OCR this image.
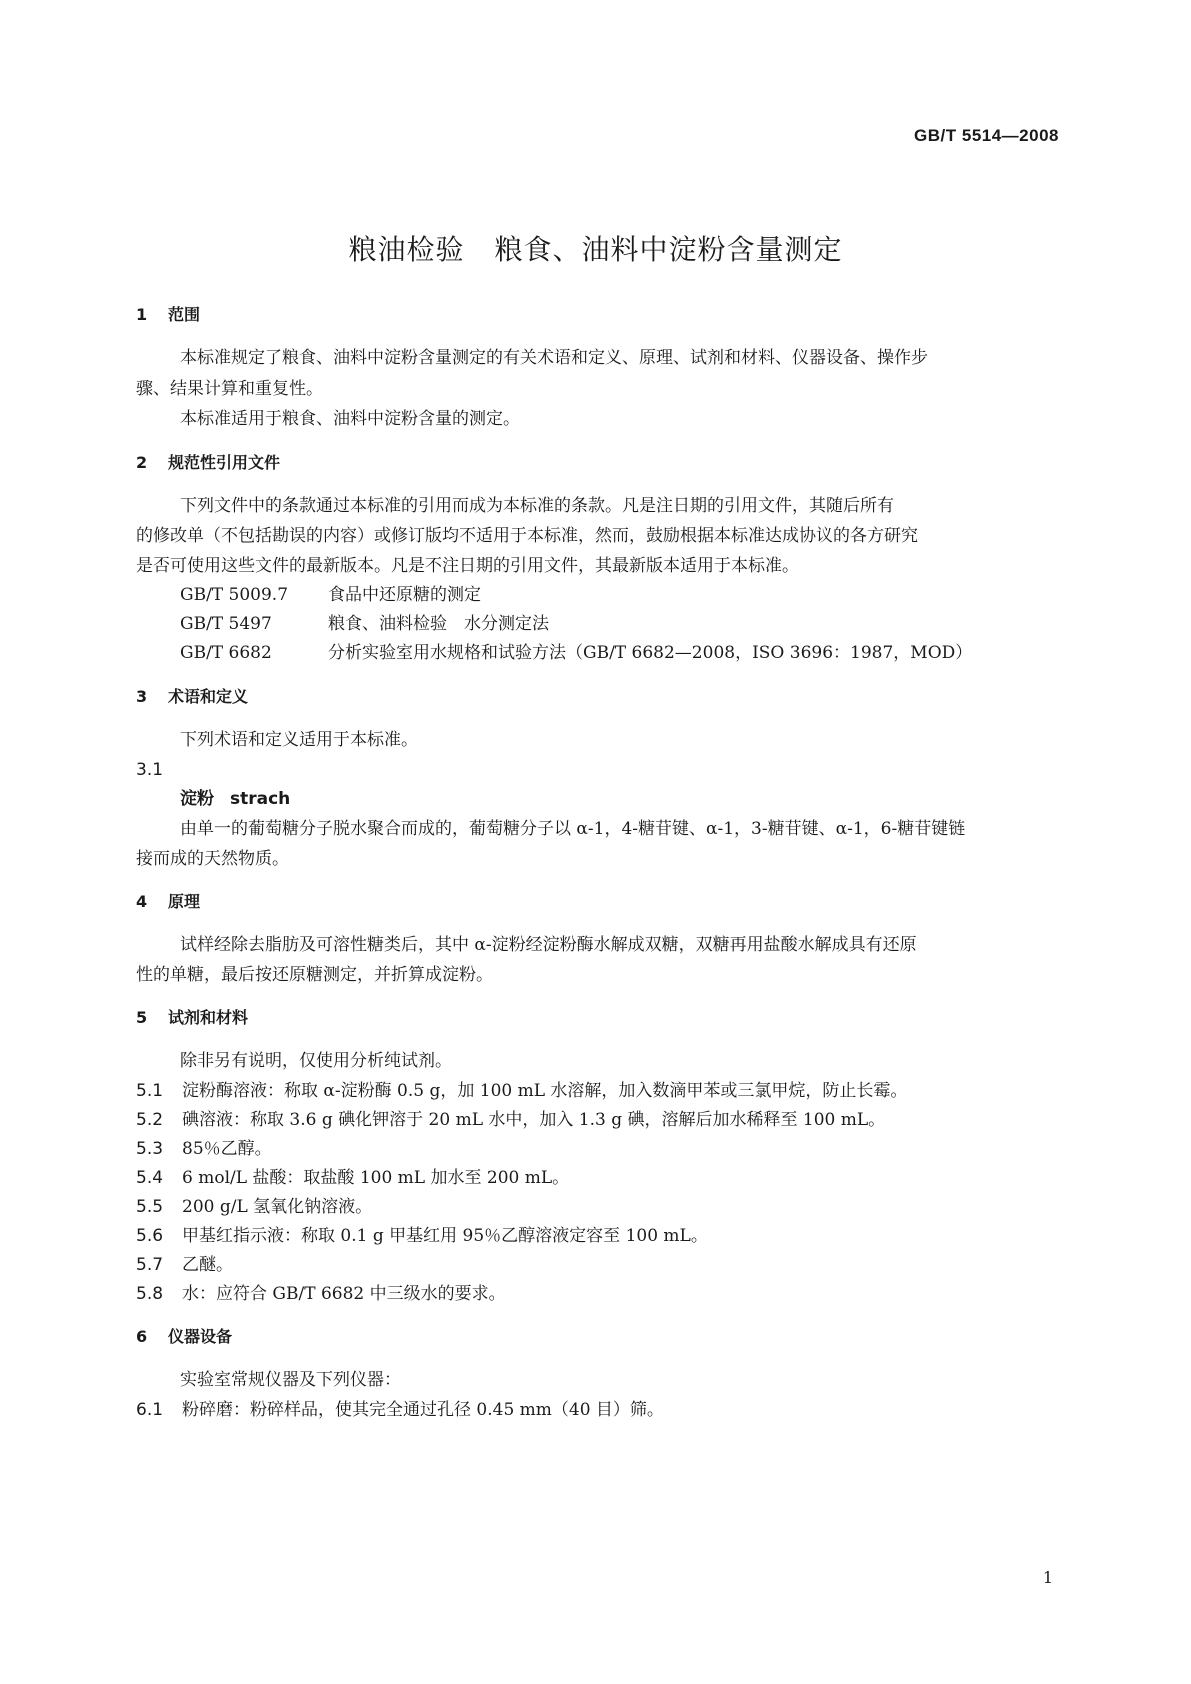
GB/T 5514—2008
粮油检验 粮食、油料中淀粉含量测定
1 范围
本标准规定了粮食、油料中淀粉含量测定的有关术语和定义、原理、试剂和材料、仪器设备、操作步
骤、结果计算和重复性。
本标准适用于粮食、油料中淀粉含量的测定。
2 规范性引用文件
下列文件中的条款通过本标准的引用而成为本标准的条款。凡是注日期的引用文件，其随后所有
的修改单（不包括勘误的内容）或修订版均不适用于本标准，然而，鼓励根据本标准达成协议的各方研究
是否可使用这些文件的最新版本。凡是不注日期的引用文件，其最新版本适用于本标准。
GB/T 5009.7 食品中还原糖的测定
GB/T 5497	粮食、油料检验　水分测定法
GB/T 6682	分析实验室用水规格和试验方法（GB/T 6682—2008，ISO 3696：1987，MOD）
3 术语和定义
下列术语和定义适用于本标准。
3.1
淀粉 strach
由单一的葡萄糖分子脱水聚合而成的，葡萄糖分子以 α-1，4-糖苷键、α-1，3-糖苷键、α-1，6-糖苷键链
接而成的天然物质。
4 原理
试样经除去脂肪及可溶性糖类后，其中 α-淀粉经淀粉酶水解成双糖，双糖再用盐酸水解成具有还原
性的单糖，最后按还原糖测定，并折算成淀粉。
5 试剂和材料
除非另有说明，仅使用分析纯试剂。
5.1 淀粉酶溶液：称取 α-淀粉酶 0.5 g，加 100 mL 水溶解，加入数滴甲苯或三氯甲烷，防止长霉。
5.2 碘溶液：称取 3.6 g 碘化钾溶于 20 mL 水中，加入 1.3 g 碘，溶解后加水稀释至 100 mL。
5.3 85％乙醇。
5.4 6 mol/L 盐酸：取盐酸 100 mL 加水至 200 mL。
5.5 200 g/L 氢氧化钠溶液。
5.6 甲基红指示液：称取 0.1 g 甲基红用 95％乙醇溶液定容至 100 mL。
5.7 乙醚。
5.8 水：应符合 GB/T 6682 中三级水的要求。
6 仪器设备
实验室常规仪器及下列仪器：
6.1 粉碎磨：粉碎样品，使其完全通过孔径 0.45 mm（40 目）筛。
1
